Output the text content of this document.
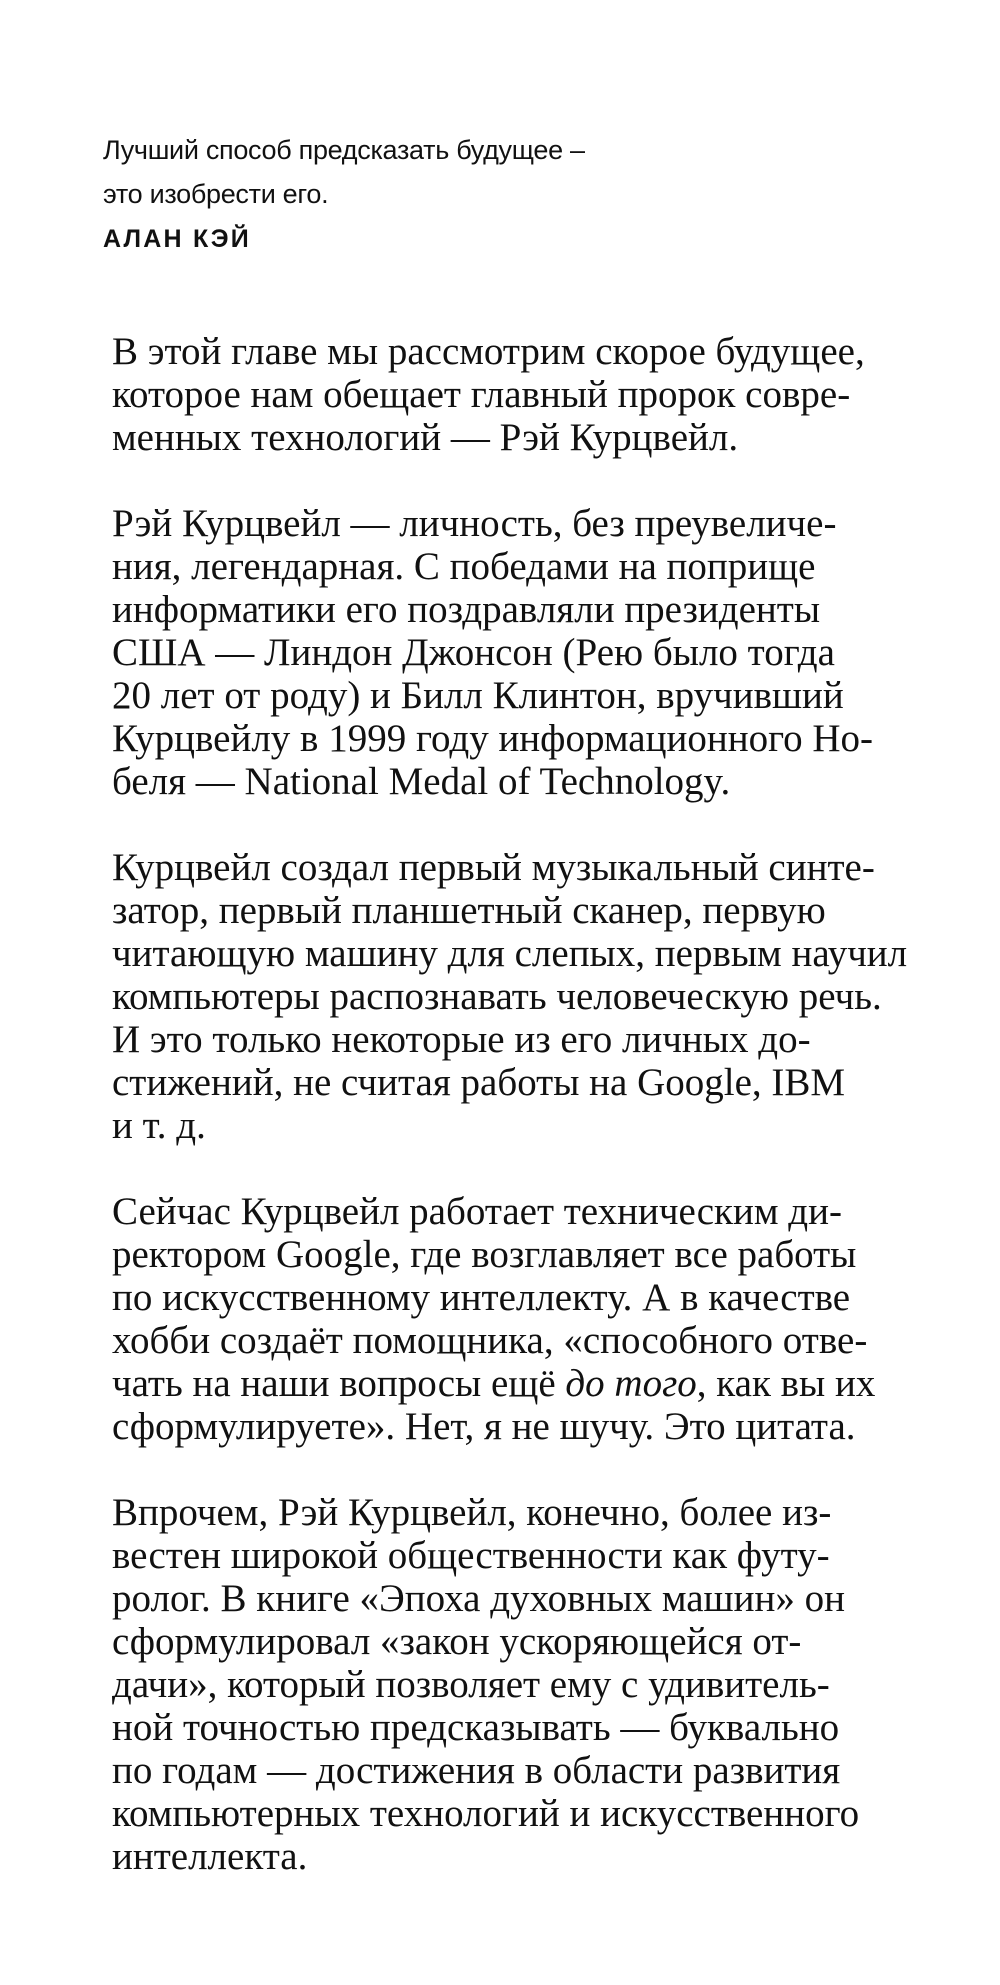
Лучший способ предсказать будущее –
это изобрести его.
АЛАН КЭЙ

В этой главе мы рассмотрим скорое будущее,
которое нам обещает главный пророк совре-
менных технологий — Рэй Курцвейл.

Рэй Курцвейл — личность, без преувеличе-
ния, легендарная. С победами на поприще
информатики его поздравляли президенты
США — Линдон Джонсон (Рею было тогда
20 лет от роду) и Билл Клинтон, вручивший
Курцвейлу в 1999 году информационного Но-
беля — National Medal of Technology.

Курцвейл создал первый музыкальный синте-
затор, первый планшетный сканер, первую
читающую машину для слепых, первым научил
компьютеры распознавать человеческую речь.
И это только некоторые из его личных до-
стижений, не считая работы на Google, IBM
и т. д.

Сейчас Курцвейл работает техническим ди-
ректором Google, где возглавляет все работы
по искусственному интеллекту. А в качестве
хобби создаёт помощника, «способного отве-
чать на наши вопросы ещё до того, как вы их
сформулируете». Нет, я не шучу. Это цитата.

Впрочем, Рэй Курцвейл, конечно, более из-
вестен широкой общественности как футу-
ролог. В книге «Эпоха духовных машин» он
сформулировал «закон ускоряющейся от-
дачи», который позволяет ему с удивитель-
ной точностью предсказывать — буквально
по годам — достижения в области развития
компьютерных технологий и искусственного
интеллекта.
